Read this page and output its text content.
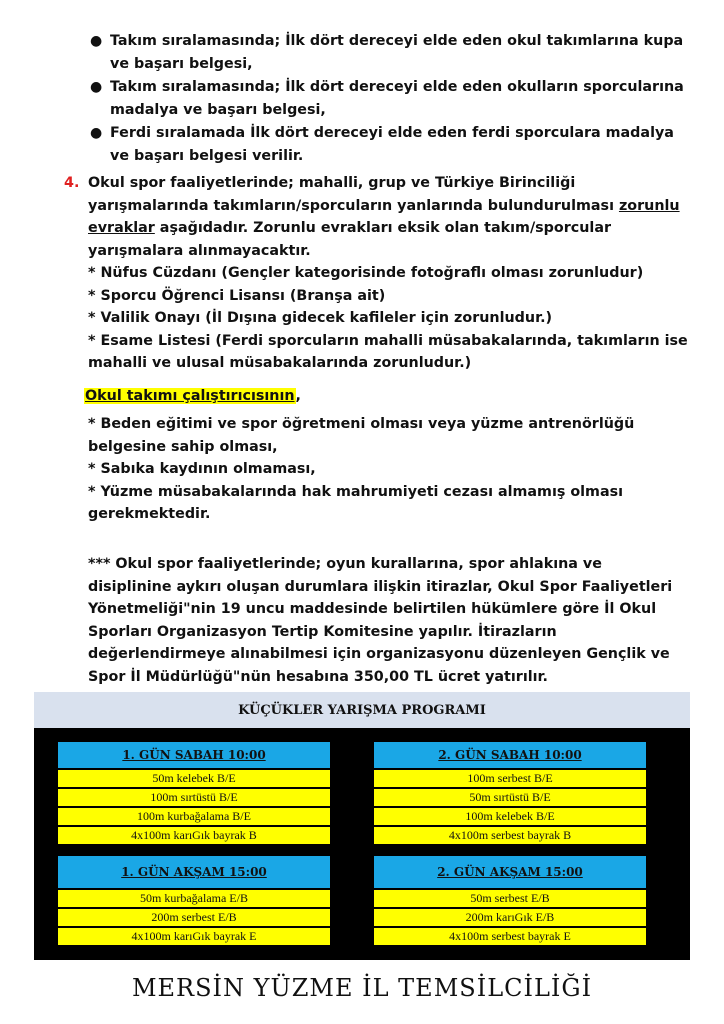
● Takım sıralamasında; İlk dört dereceyi elde eden okul takımlarına kupa ve başarı belgesi,
● Takım sıralamasında; İlk dört dereceyi elde eden okulların sporcularına madalya ve başarı belgesi,
● Ferdi sıralamada İlk dört dereceyi elde eden ferdi sporculara madalya ve başarı belgesi verilir.
4. Okul spor faaliyetlerinde; mahalli, grup ve Türkiye Birinciliği yarışmalarında takımların/sporcuların yanlarında bulundurulması zorunlu evraklar aşağıdadır. Zorunlu evrakları eksik olan takım/sporcular yarışmalara alınmayacaktır.
* Nüfus Cüzdanı (Gençler kategorisinde fotoğraflı olması zorunludur)
* Sporcu Öğrenci Lisansı (Branşa ait)
* Valilik Onayı (İl Dışına gidecek kafileler için zorunludur.)
* Esame Listesi (Ferdi sporcuların mahalli müsabakalarında, takımların ise mahalli ve ulusal müsabakalarında zorunludur.)
Okul takımı çalıştırıcısının,
* Beden eğitimi ve spor öğretmeni olması veya yüzme antrenörlüğü belgesine sahip olması,
* Sabıka kaydının olmaması,
* Yüzme müsabakalarında hak mahrumiyeti cezası almamış olması gerekmektedir.
*** Okul spor faaliyetlerinde; oyun kurallarına, spor ahlakına ve disiplinine aykırı oluşan durumlara ilişkin itirazlar, Okul Spor Faaliyetleri Yönetmeliği"nin 19 uncu maddesinde belirtilen hükümlere göre İl Okul Sporları Organizasyon Tertip Komitesine yapılır. İtirazların değerlendirmeye alınabilmesi için organizasyonu düzenleyen Gençlik ve Spor İl Müdürlüğü"nün hesabına 350,00 TL ücret yatırılır.
KÜÇÜKLER YARIŞMA PROGRAMI
1. GÜN SABAH 10:00
50m kelebek B/E
100m sırtüstü B/E
100m kurbağalama B/E
4x100m karıGık bayrak B
2. GÜN SABAH 10:00
100m serbest B/E
50m sırtüstü B/E
100m kelebek B/E
4x100m serbest bayrak B
1. GÜN AKŞAM 15:00
50m kurbağalama E/B
200m serbest E/B
4x100m karıGık bayrak E
2. GÜN AKŞAM 15:00
50m serbest E/B
200m karıGık E/B
4x100m serbest bayrak E
MERSİN YÜZME İL TEMSİLCİLİĞİ
